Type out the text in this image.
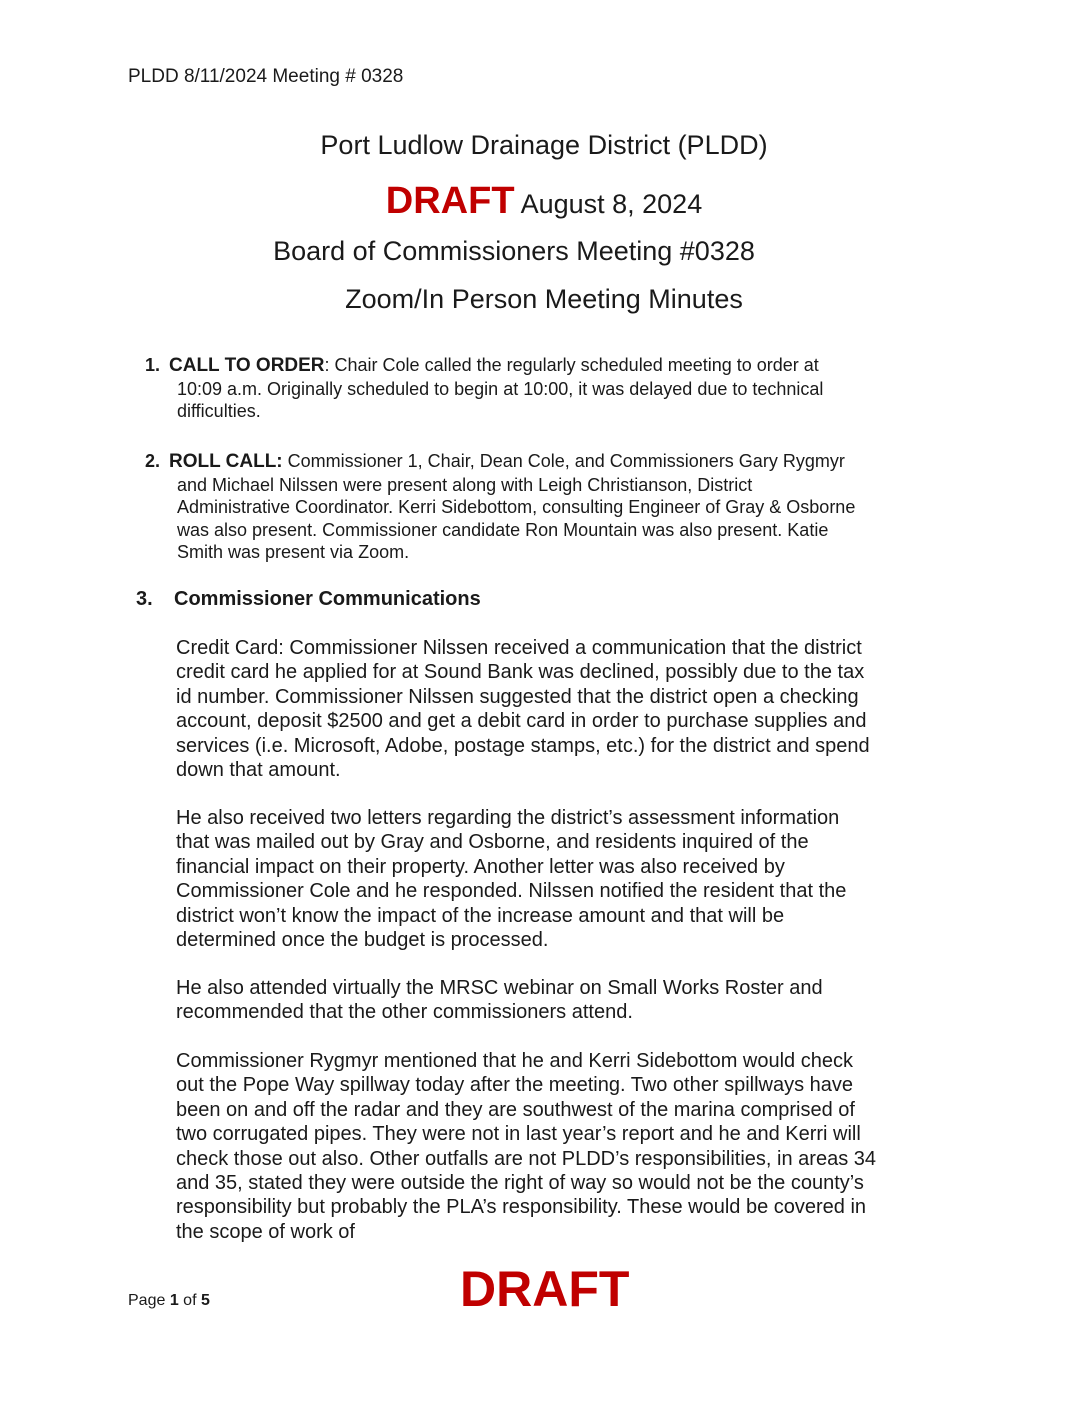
PLDD 8/11/2024 Meeting # 0328
Port Ludlow Drainage District (PLDD)
DRAFT August 8, 2024
Board of Commissioners Meeting #0328
Zoom/In Person Meeting Minutes
1. CALL TO ORDER: Chair Cole called the regularly scheduled meeting to order at 10:09 a.m. Originally scheduled to begin at 10:00, it was delayed due to technical difficulties.
2. ROLL CALL: Commissioner 1, Chair, Dean Cole, and Commissioners Gary Rygmyr and Michael Nilssen were present along with Leigh Christianson, District Administrative Coordinator. Kerri Sidebottom, consulting Engineer of Gray & Osborne was also present. Commissioner candidate Ron Mountain was also present. Katie Smith was present via Zoom.
3. Commissioner Communications
Credit Card: Commissioner Nilssen received a communication that the district credit card he applied for at Sound Bank was declined, possibly due to the tax id number. Commissioner Nilssen suggested that the district open a checking account, deposit $2500 and get a debit card in order to purchase supplies and services (i.e. Microsoft, Adobe, postage stamps, etc.) for the district and spend down that amount.
He also received two letters regarding the district’s assessment information that was mailed out by Gray and Osborne, and residents inquired of the financial impact on their property. Another letter was also received by Commissioner Cole and he responded. Nilssen notified the resident that the district won’t know the impact of the increase amount and that will be determined once the budget is processed.
He also attended virtually the MRSC webinar on Small Works Roster and recommended that the other commissioners attend.
Commissioner Rygmyr mentioned that he and Kerri Sidebottom would check out the Pope Way spillway today after the meeting. Two other spillways have been on and off the radar and they are southwest of the marina comprised of two corrugated pipes. They were not in last year’s report and he and Kerri will check those out also. Other outfalls are not PLDD’s responsibilities, in areas 34 and 35, stated they were outside the right of way so would not be the county’s responsibility but probably the PLA’s responsibility. These would be covered in the scope of work of
Page 1 of 5	DRAFT
